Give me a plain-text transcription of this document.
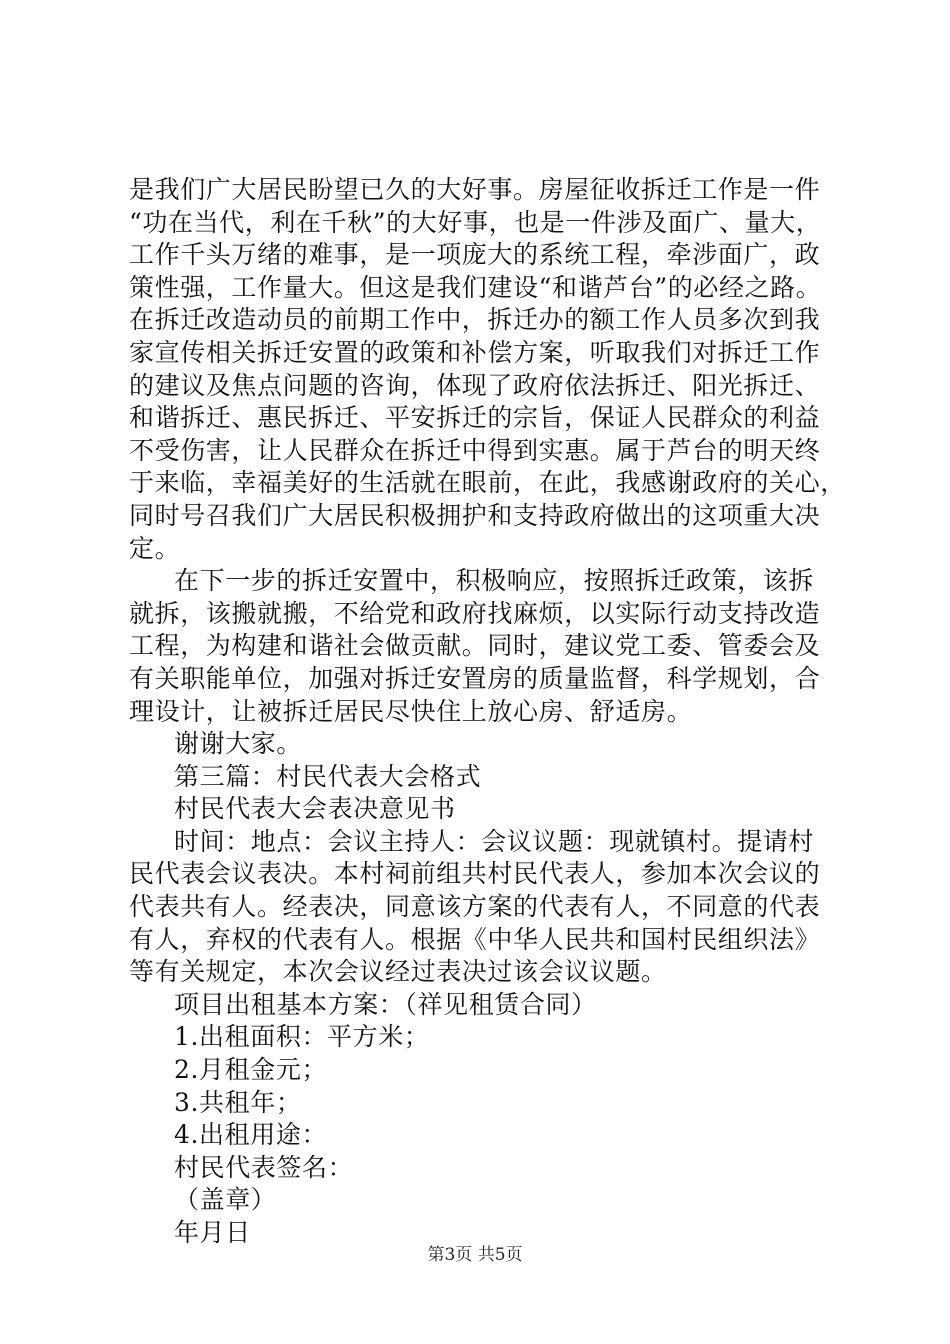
是我们广大居民盼望已久的大好事。房屋征收拆迁工作是一件
“功在当代，利在千秋”的大好事，也是一件涉及面广、量大，
工作千头万绪的难事，是一项庞大的系统工程，牵涉面广，政
策性强，工作量大。但这是我们建设“和谐芦台”的必经之路。
在拆迁改造动员的前期工作中，拆迁办的额工作人员多次到我
家宣传相关拆迁安置的政策和补偿方案，听取我们对拆迁工作
的建议及焦点问题的咨询，体现了政府依法拆迁、阳光拆迁、
和谐拆迁、惠民拆迁、平安拆迁的宗旨，保证人民群众的利益
不受伤害，让人民群众在拆迁中得到实惠。属于芦台的明天终
于来临，幸福美好的生活就在眼前，在此，我感谢政府的关心，
同时号召我们广大居民积极拥护和支持政府做出的这项重大决
定。
在下一步的拆迁安置中，积极响应，按照拆迁政策，该拆
就拆，该搬就搬，不给党和政府找麻烦，以实际行动支持改造
工程，为构建和谐社会做贡献。同时，建议党工委、管委会及
有关职能单位，加强对拆迁安置房的质量监督，科学规划，合
理设计，让被拆迁居民尽快住上放心房、舒适房。
谢谢大家。
第三篇：村民代表大会格式
村民代表大会表决意见书
时间：地点：会议主持人：会议议题：现就镇村。提请村
民代表会议表决。本村祠前组共村民代表人，参加本次会议的
代表共有人。经表决，同意该方案的代表有人，不同意的代表
有人，弃权的代表有人。根据《中华人民共和国村民组织法》
等有关规定，本次会议经过表决过该会议议题。
项目出租基本方案：（祥见租赁合同）
1.出租面积：平方米；
2.月租金元；
3.共租年；
4.出租用途：
村民代表签名：
（盖章）
年月日
第3页 共5页
